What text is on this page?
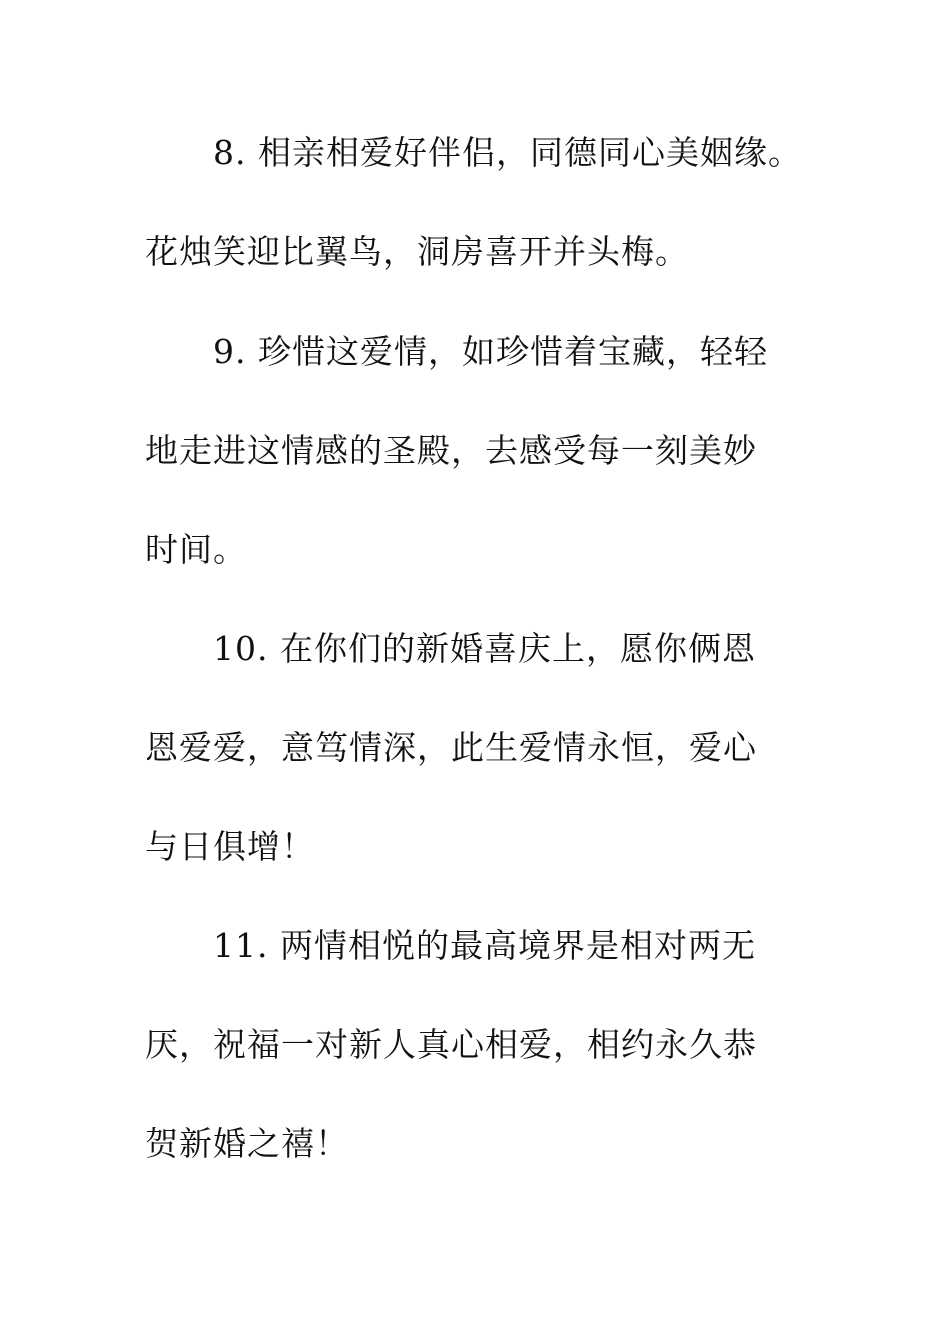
8. 相亲相爱好伴侣，同德同心美姻缘。
花烛笑迎比翼鸟，洞房喜开并头梅。
9. 珍惜这爱情，如珍惜着宝藏，轻轻
地走进这情感的圣殿，去感受每一刻美妙
时间。
10. 在你们的新婚喜庆上，愿你俩恩
恩爱爱，意笃情深，此生爱情永恒，爱心
与日俱增！
11. 两情相悦的最高境界是相对两无
厌，祝福一对新人真心相爱，相约永久恭
贺新婚之禧！
